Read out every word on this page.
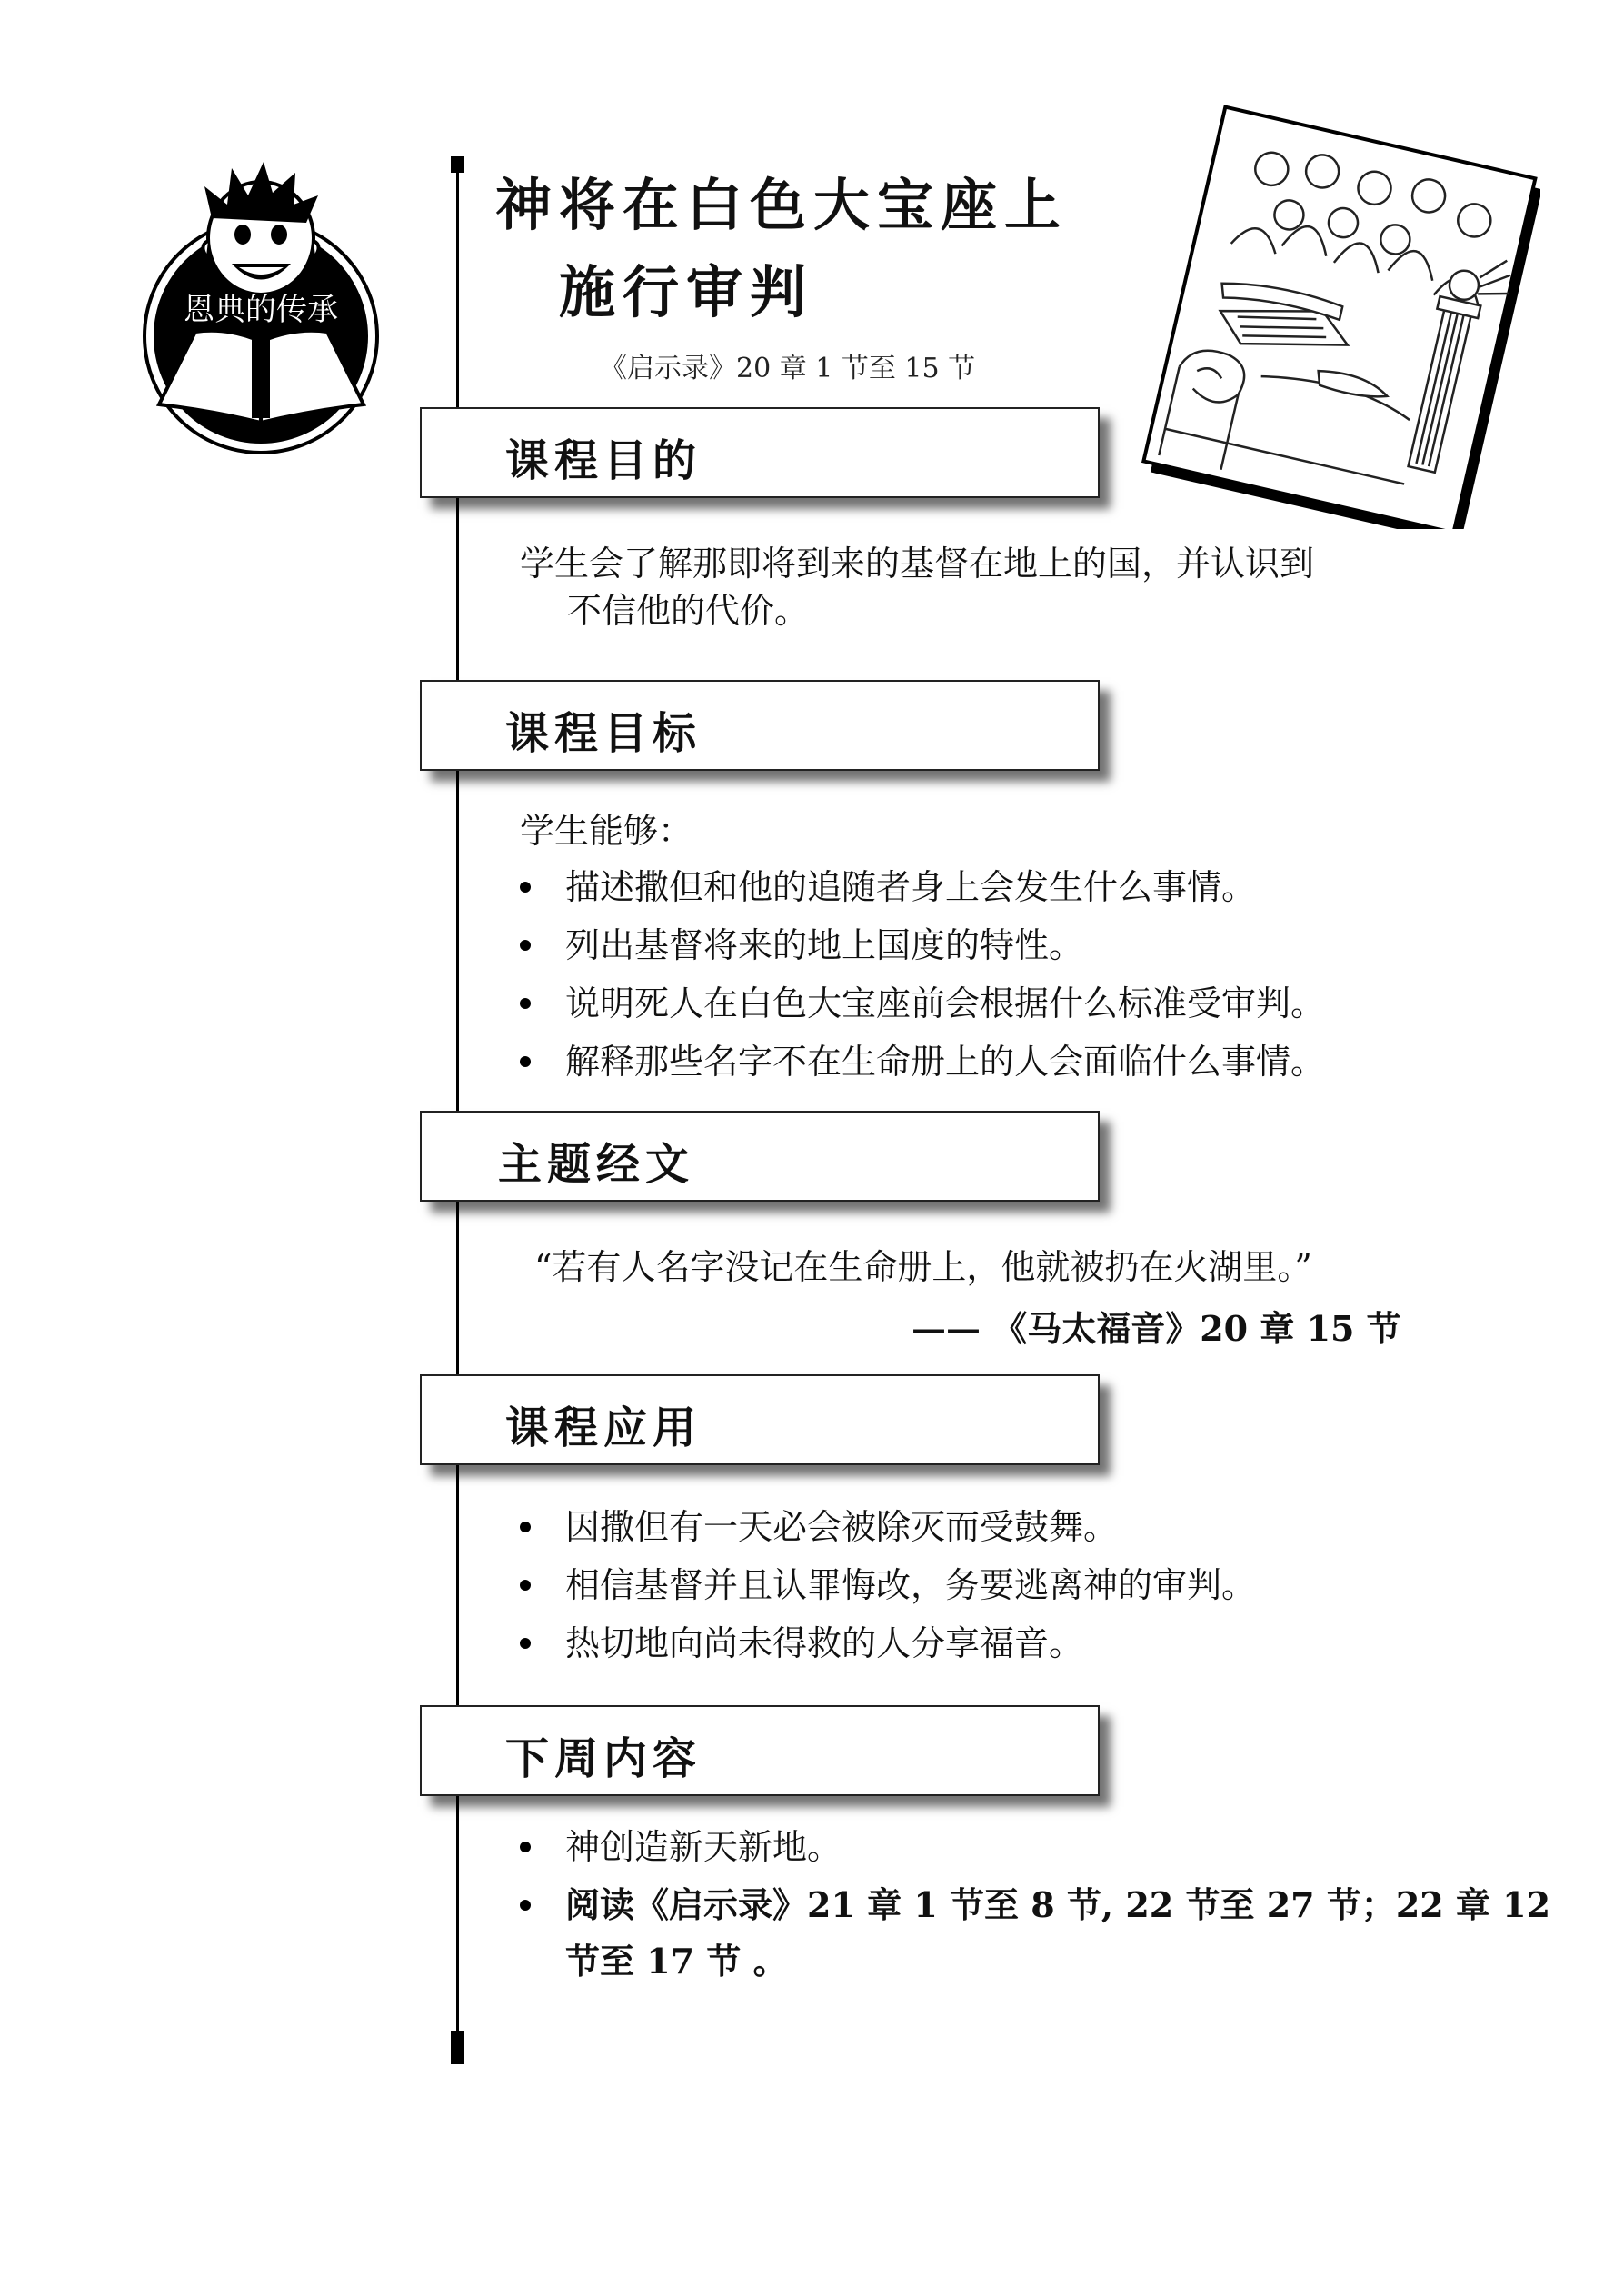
恩典的传承
神将在白色大宝座上
施行审判
《启示录》20 章 1 节至 15 节
课程目的
学生会了解那即将到来的基督在地上的国，并认识到
不信他的代价。
课程目标
学生能够：
描述撒但和他的追随者身上会发生什么事情。
列出基督将来的地上国度的特性。
说明死人在白色大宝座前会根据什么标准受审判。
解释那些名字不在生命册上的人会面临什么事情。
主题经文
“若有人名字没记在生命册上，他就被扔在火湖里。”
—— 《马太福音》20 章 15 节
课程应用
因撒但有一天必会被除灭而受鼓舞。
相信基督并且认罪悔改，务要逃离神的审判。
热切地向尚未得救的人分享福音。
下周内容
神创造新天新地。
阅读《启示录》21 章 1 节至 8 节, 22 节至 27 节；22 章 12
节至 17 节 。
